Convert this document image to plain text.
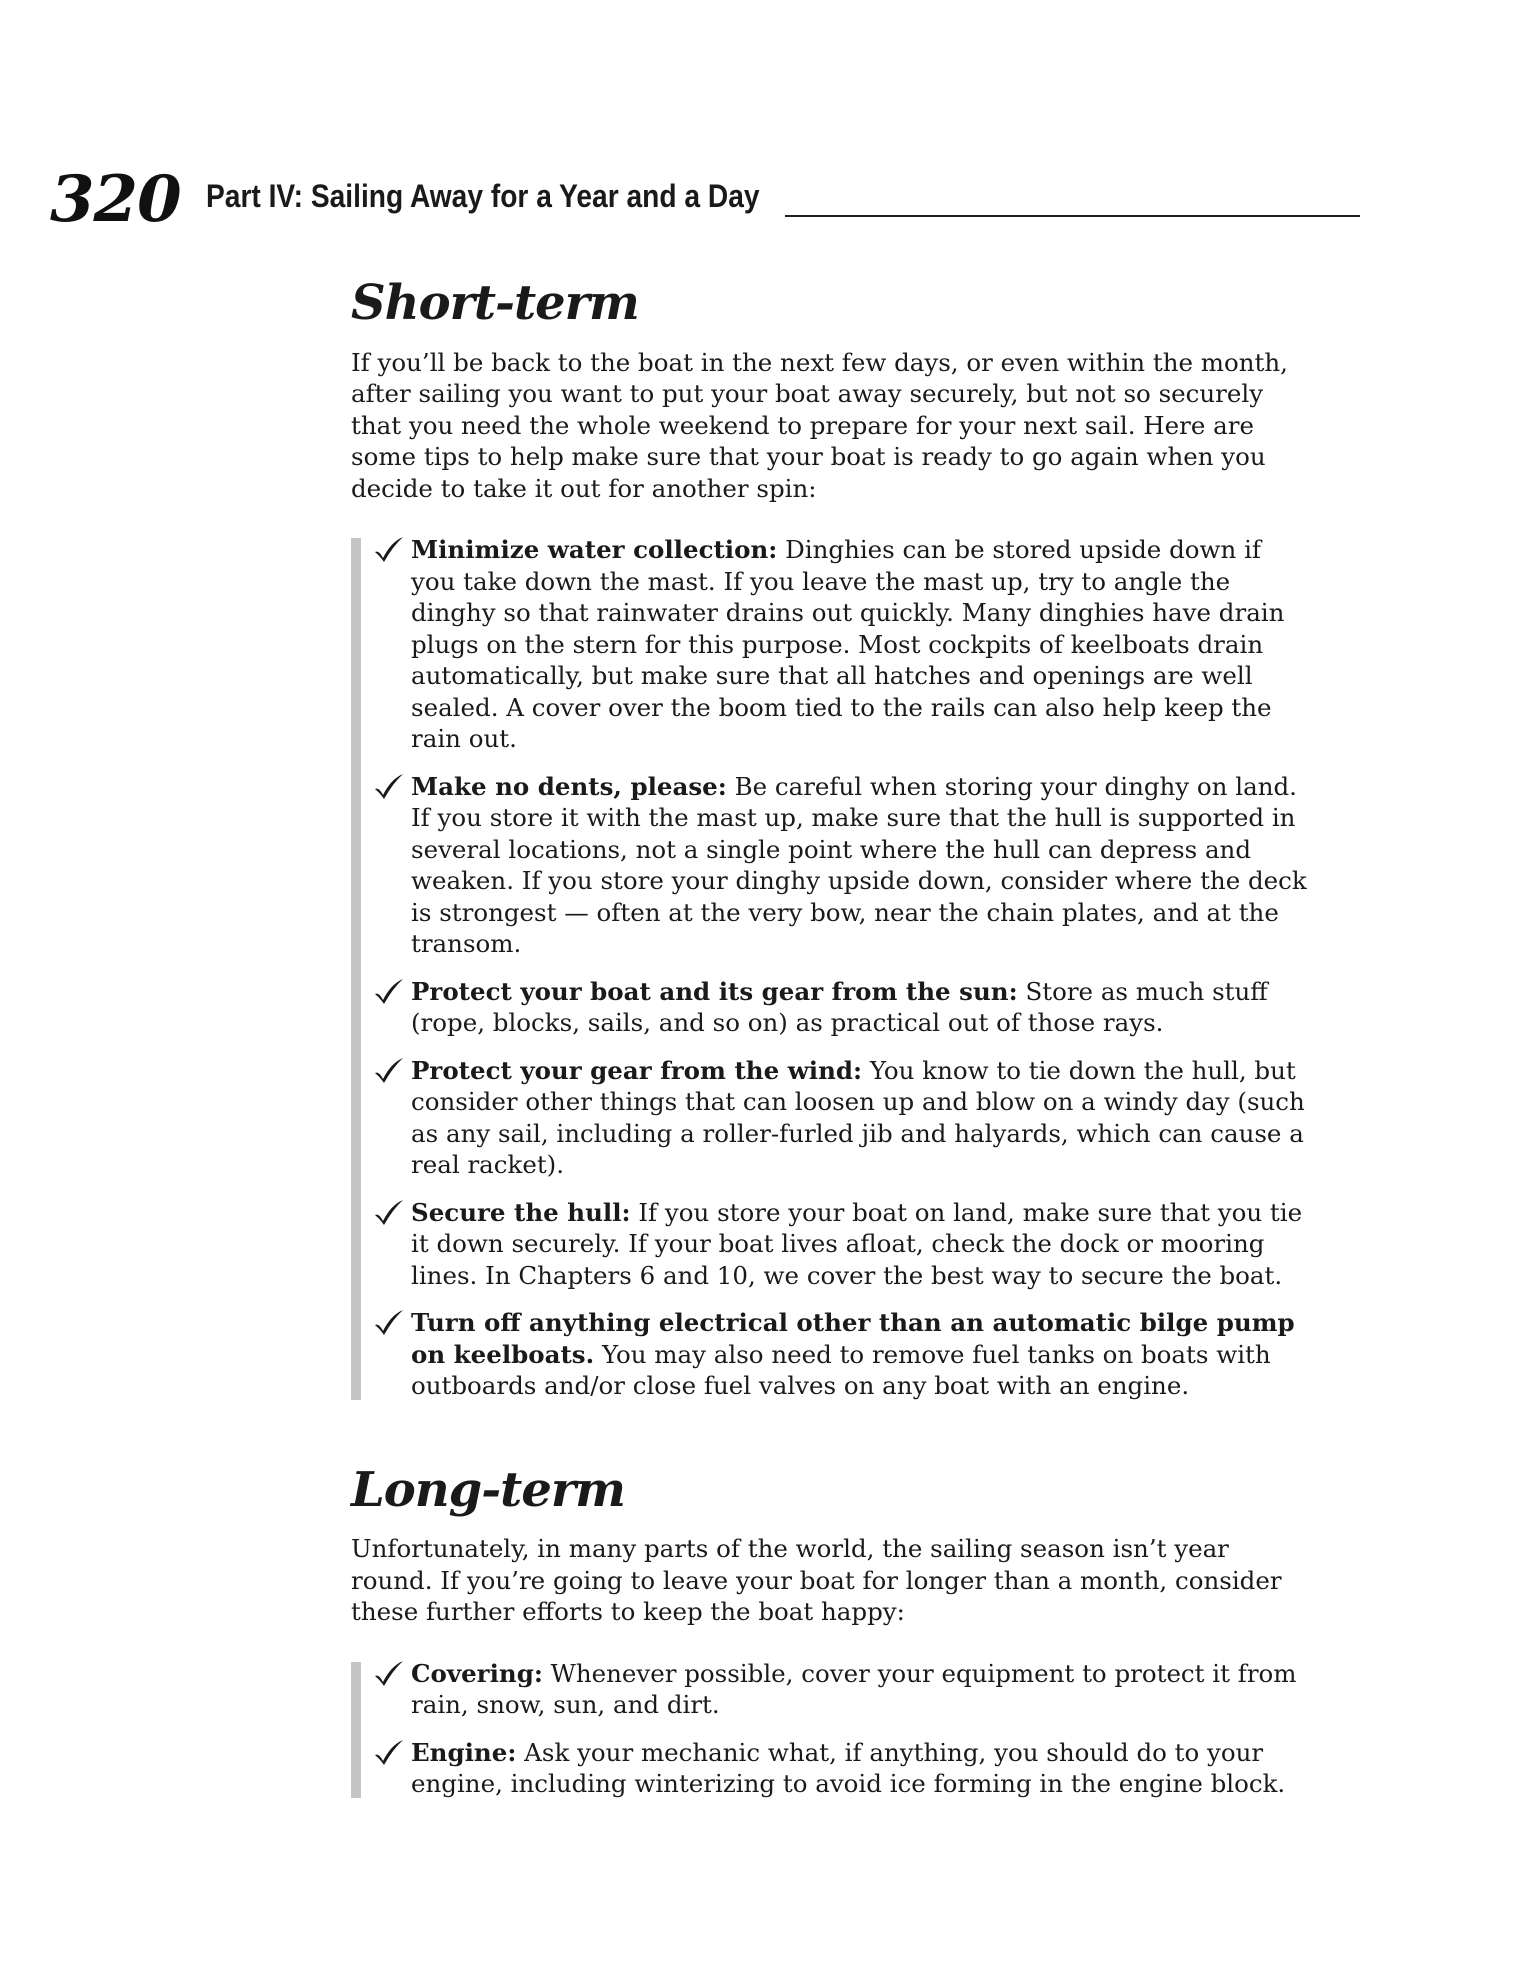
320 Part IV: Sailing Away for a Year and a Day
Short-term

If you’ll be back to the boat in the next few days, or even within the month, after sailing you want to put your boat away securely, but not so securely that you need the whole weekend to prepare for your next sail. Here are some tips to help make sure that your boat is ready to go again when you decide to take it out for another spin:

Minimize water collection: Dinghies can be stored upside down if you take down the mast. If you leave the mast up, try to angle the dinghy so that rainwater drains out quickly. Many dinghies have drain plugs on the stern for this purpose. Most cockpits of keelboats drain automatically, but make sure that all hatches and openings are well sealed. A cover over the boom tied to the rails can also help keep the rain out.
Make no dents, please: Be careful when storing your dinghy on land. If you store it with the mast up, make sure that the hull is supported in several locations, not a single point where the hull can depress and weaken. If you store your dinghy upside down, consider where the deck is strongest — often at the very bow, near the chain plates, and at the transom.
Protect your boat and its gear from the sun: Store as much stuff (rope, blocks, sails, and so on) as practical out of those rays.
Protect your gear from the wind: You know to tie down the hull, but consider other things that can loosen up and blow on a windy day (such as any sail, including a roller-furled jib and halyards, which can cause a real racket).
Secure the hull: If you store your boat on land, make sure that you tie it down securely. If your boat lives afloat, check the dock or mooring lines. In Chapters 6 and 10, we cover the best way to secure the boat.
Turn off anything electrical other than an automatic bilge pump on keelboats. You may also need to remove fuel tanks on boats with outboards and/or close fuel valves on any boat with an engine.
Long-term

Unfortunately, in many parts of the world, the sailing season isn’t year round. If you’re going to leave your boat for longer than a month, consider these further efforts to keep the boat happy:

Covering: Whenever possible, cover your equipment to protect it from rain, snow, sun, and dirt.
Engine: Ask your mechanic what, if anything, you should do to your engine, including winterizing to avoid ice forming in the engine block.
